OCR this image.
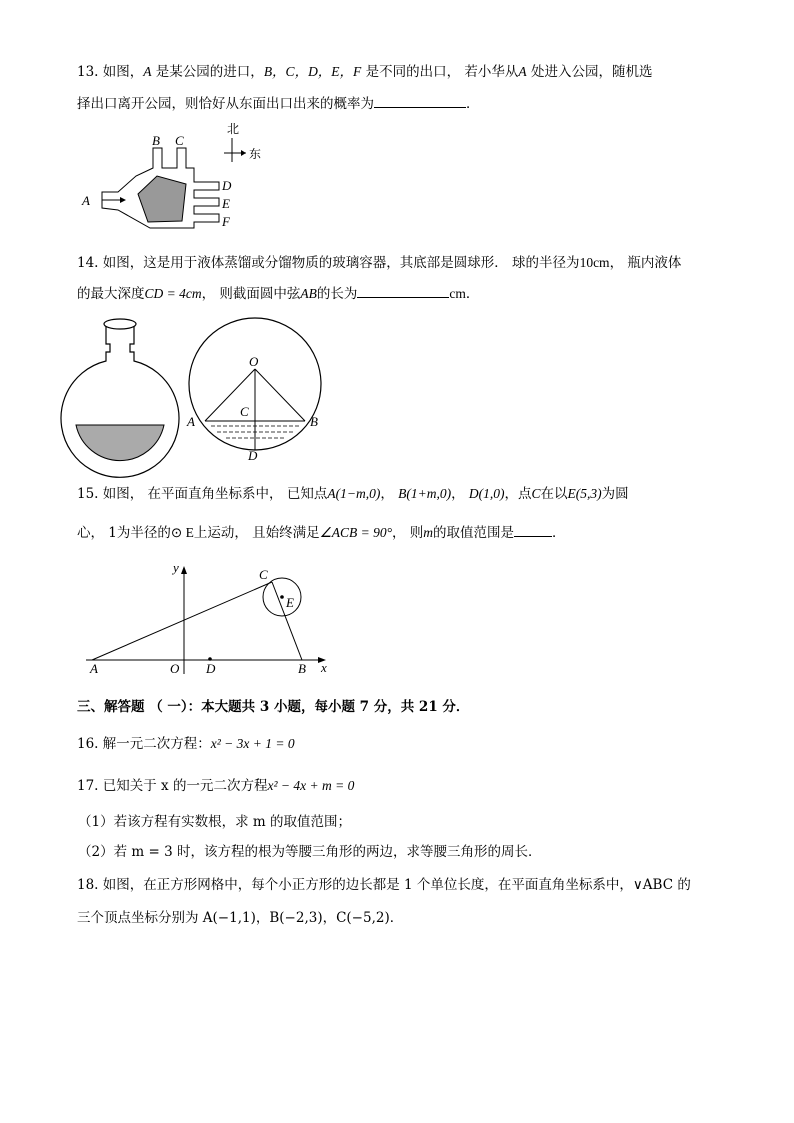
13. 如图，A 是某公园的进口，B，C，D，E，F 是不同的出口， 若小华从A 处进入公园，随机选
择出口离开公园，则恰好从东面出口出来的概率为	．
北
东
A
B C
D
E
F
14. 如图，这是用于液体蒸馏或分馏物质的玻璃容器，其底部是圆球形． 球的半径为10cm， 瓶内液体
的最大深度CD = 4cm， 则截面圆中弦AB的长为	cm．
O
A	B
C
D
15. 如图， 在平面直角坐标系中， 已知点A(1−m,0)， B(1+m,0)， D(1,0)，点C在以E(5,3)为圆
心， 1为半径的⊙ E上运动， 且始终满足∠ACB = 90°， 则m的取值范围是	．
y
x
O
A	B
C
D
E
三、解答题 （ 一）：本大题共 3 小题，每小题 7 分，共 21 分．
16. 解一元二次方程：x² − 3x + 1 = 0
17. 已知关于 x 的一元二次方程x² − 4x + m = 0
（1）若该方程有实数根，求 m 的取值范围；
（2）若 m = 3 时，该方程的根为等腰三角形的两边，求等腰三角形的周长．
18. 如图，在正方形网格中，每个小正方形的边长都是 1 个单位长度，在平面直角坐标系中，∨ABC 的
三个顶点坐标分别为 A(−1,1)，B(−2,3)，C(−5,2)．
